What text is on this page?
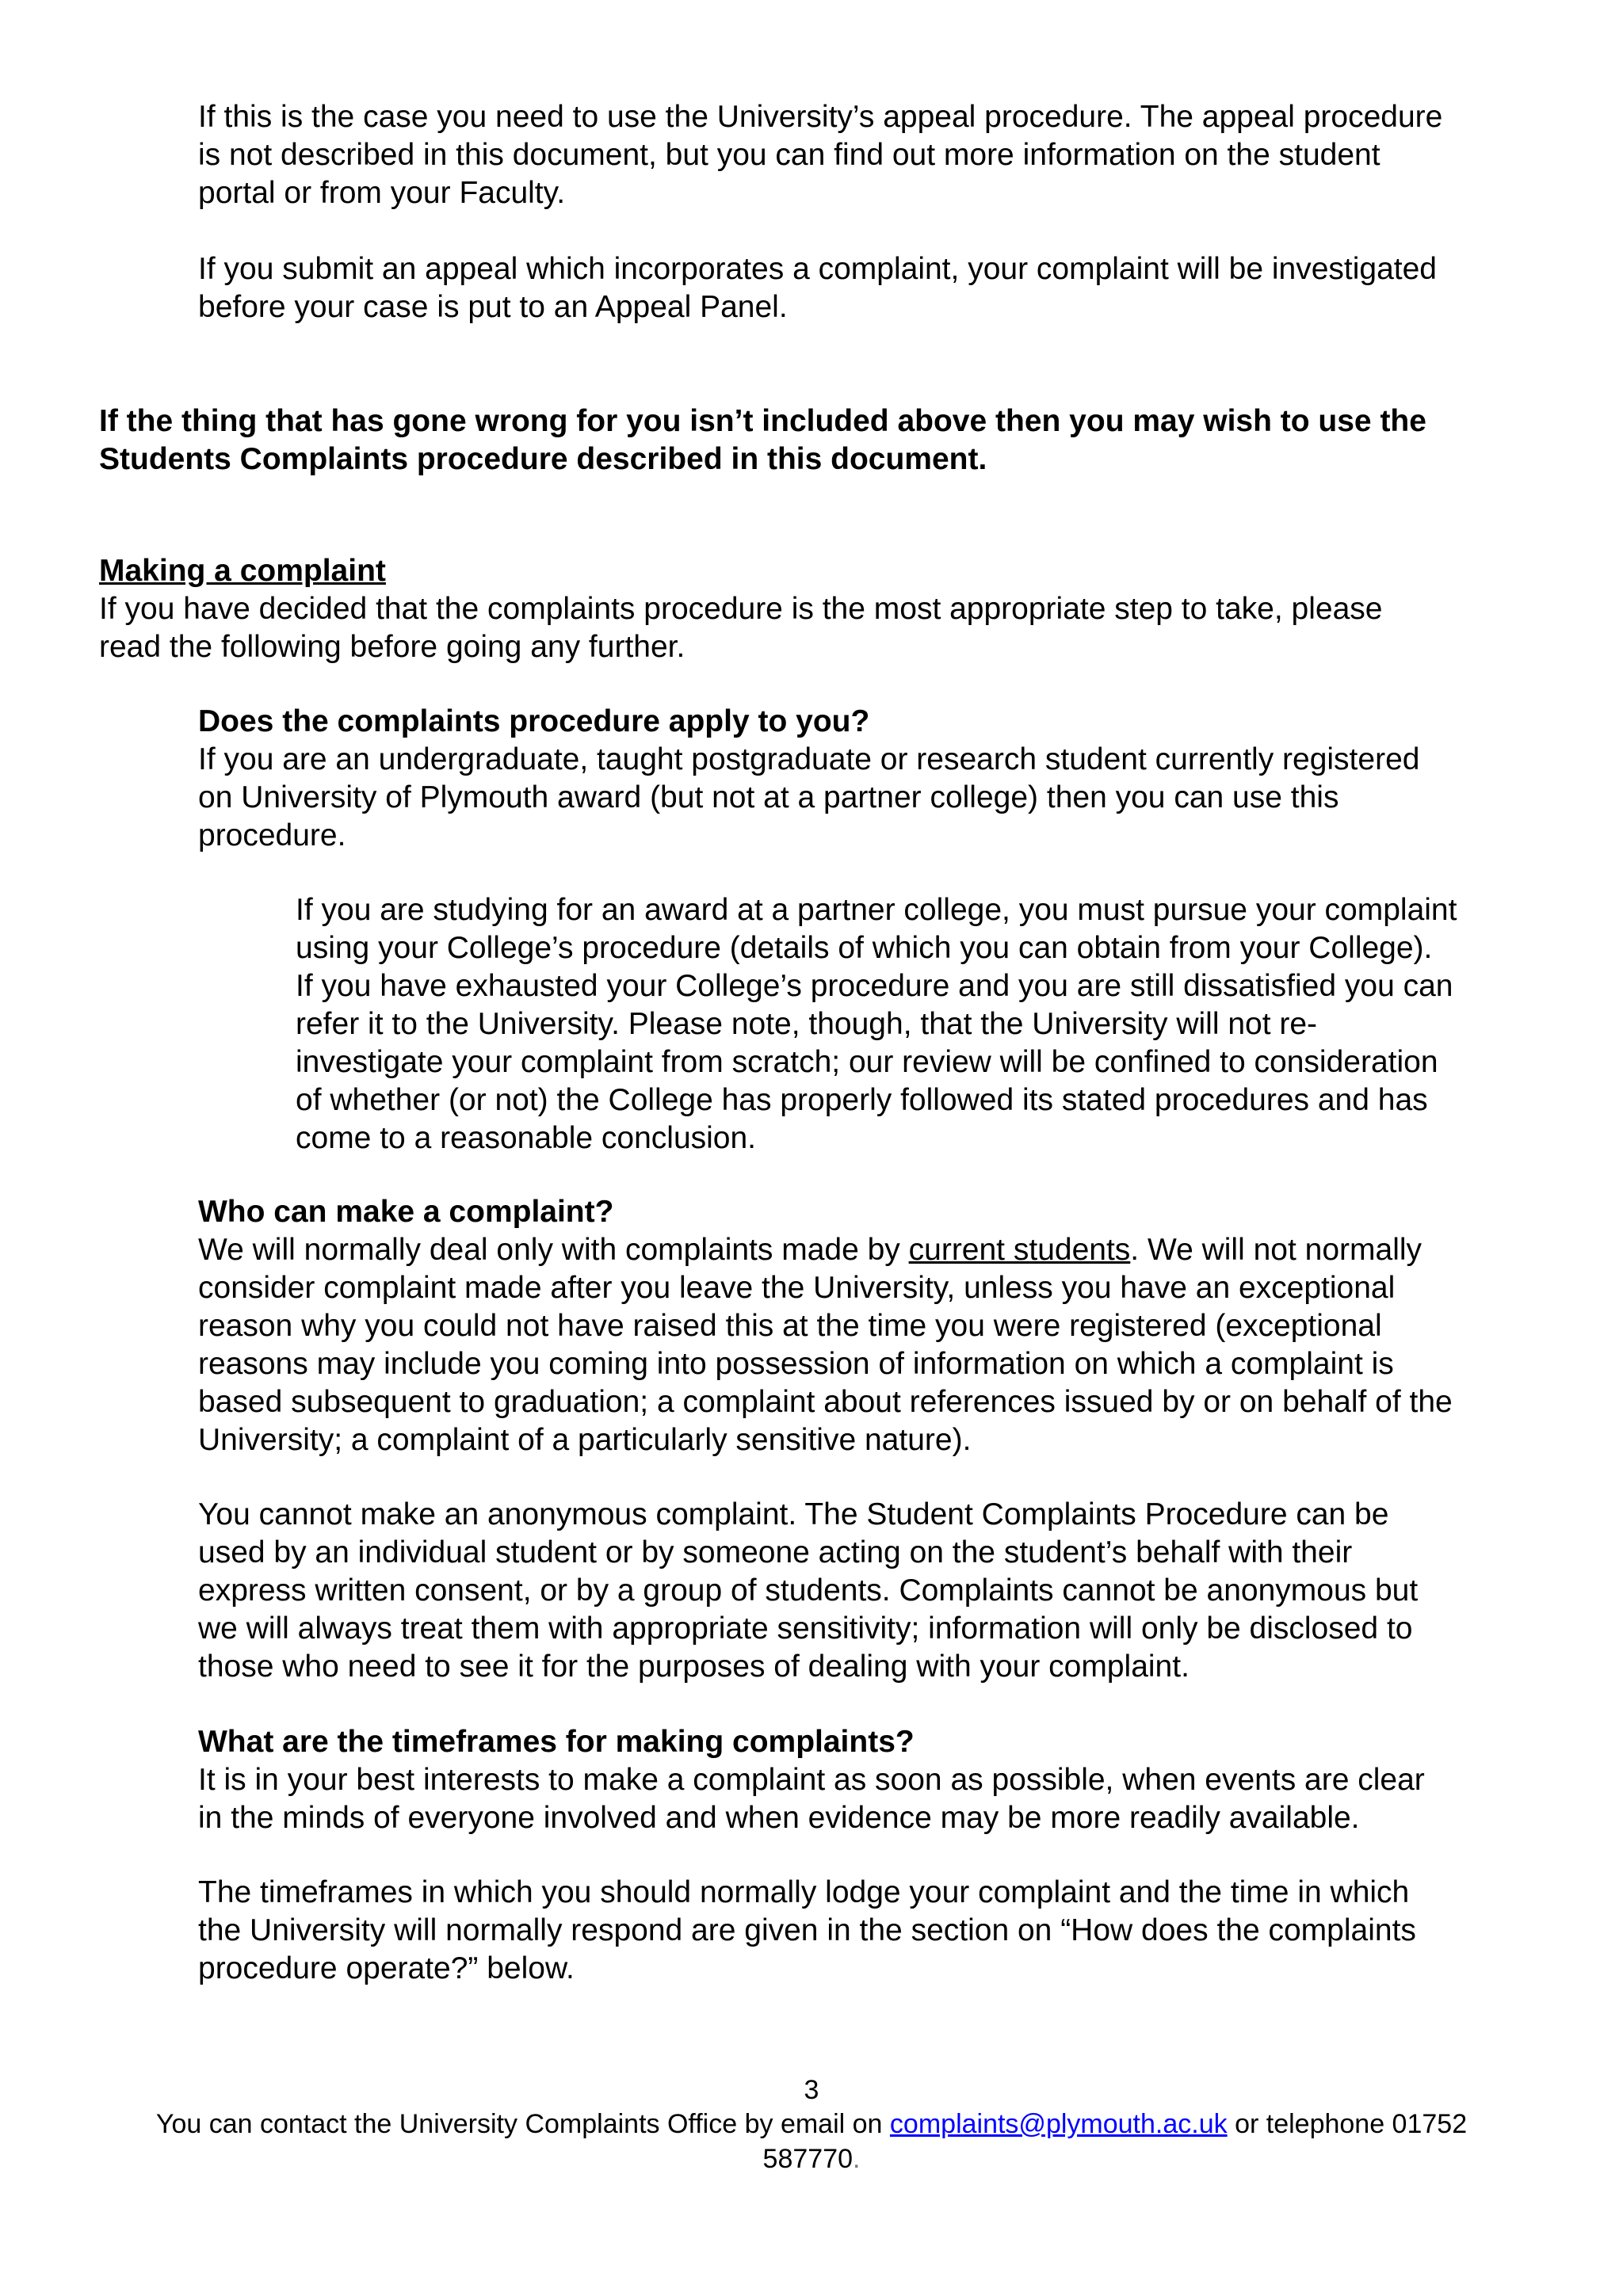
If this is the case you need to use the University’s appeal procedure. The appeal procedure
is not described in this document, but you can find out more information on the student
portal or from your Faculty.

If you submit an appeal which incorporates a complaint, your complaint will be investigated
before your case is put to an Appeal Panel.

If the thing that has gone wrong for you isn’t included above then you may wish to use the
Students Complaints procedure described in this document.

Making a complaint
If you have decided that the complaints procedure is the most appropriate step to take, please
read the following before going any further.

Does the complaints procedure apply to you?
If you are an undergraduate, taught postgraduate or research student currently registered
on University of Plymouth award (but not at a partner college) then you can use this
procedure.

If you are studying for an award at a partner college, you must pursue your complaint
using your College’s procedure (details of which you can obtain from your College).
If you have exhausted your College’s procedure and you are still dissatisfied you can
refer it to the University. Please note, though, that the University will not re-
investigate your complaint from scratch; our review will be confined to consideration
of whether (or not) the College has properly followed its stated procedures and has
come to a reasonable conclusion.

Who can make a complaint?
We will normally deal only with complaints made by current students. We will not normally
consider complaint made after you leave the University, unless you have an exceptional
reason why you could not have raised this at the time you were registered (exceptional
reasons may include you coming into possession of information on which a complaint is
based subsequent to graduation; a complaint about references issued by or on behalf of the
University; a complaint of a particularly sensitive nature).

You cannot make an anonymous complaint. The Student Complaints Procedure can be
used by an individual student or by someone acting on the student’s behalf with their
express written consent, or by a group of students. Complaints cannot be anonymous but
we will always treat them with appropriate sensitivity; information will only be disclosed to
those who need to see it for the purposes of dealing with your complaint.

What are the timeframes for making complaints?
It is in your best interests to make a complaint as soon as possible, when events are clear
in the minds of everyone involved and when evidence may be more readily available.

The timeframes in which you should normally lodge your complaint and the time in which
the University will normally respond are given in the section on “How does the complaints
procedure operate?” below.

3
You can contact the University Complaints Office by email on complaints@plymouth.ac.uk or telephone 01752
587770.
